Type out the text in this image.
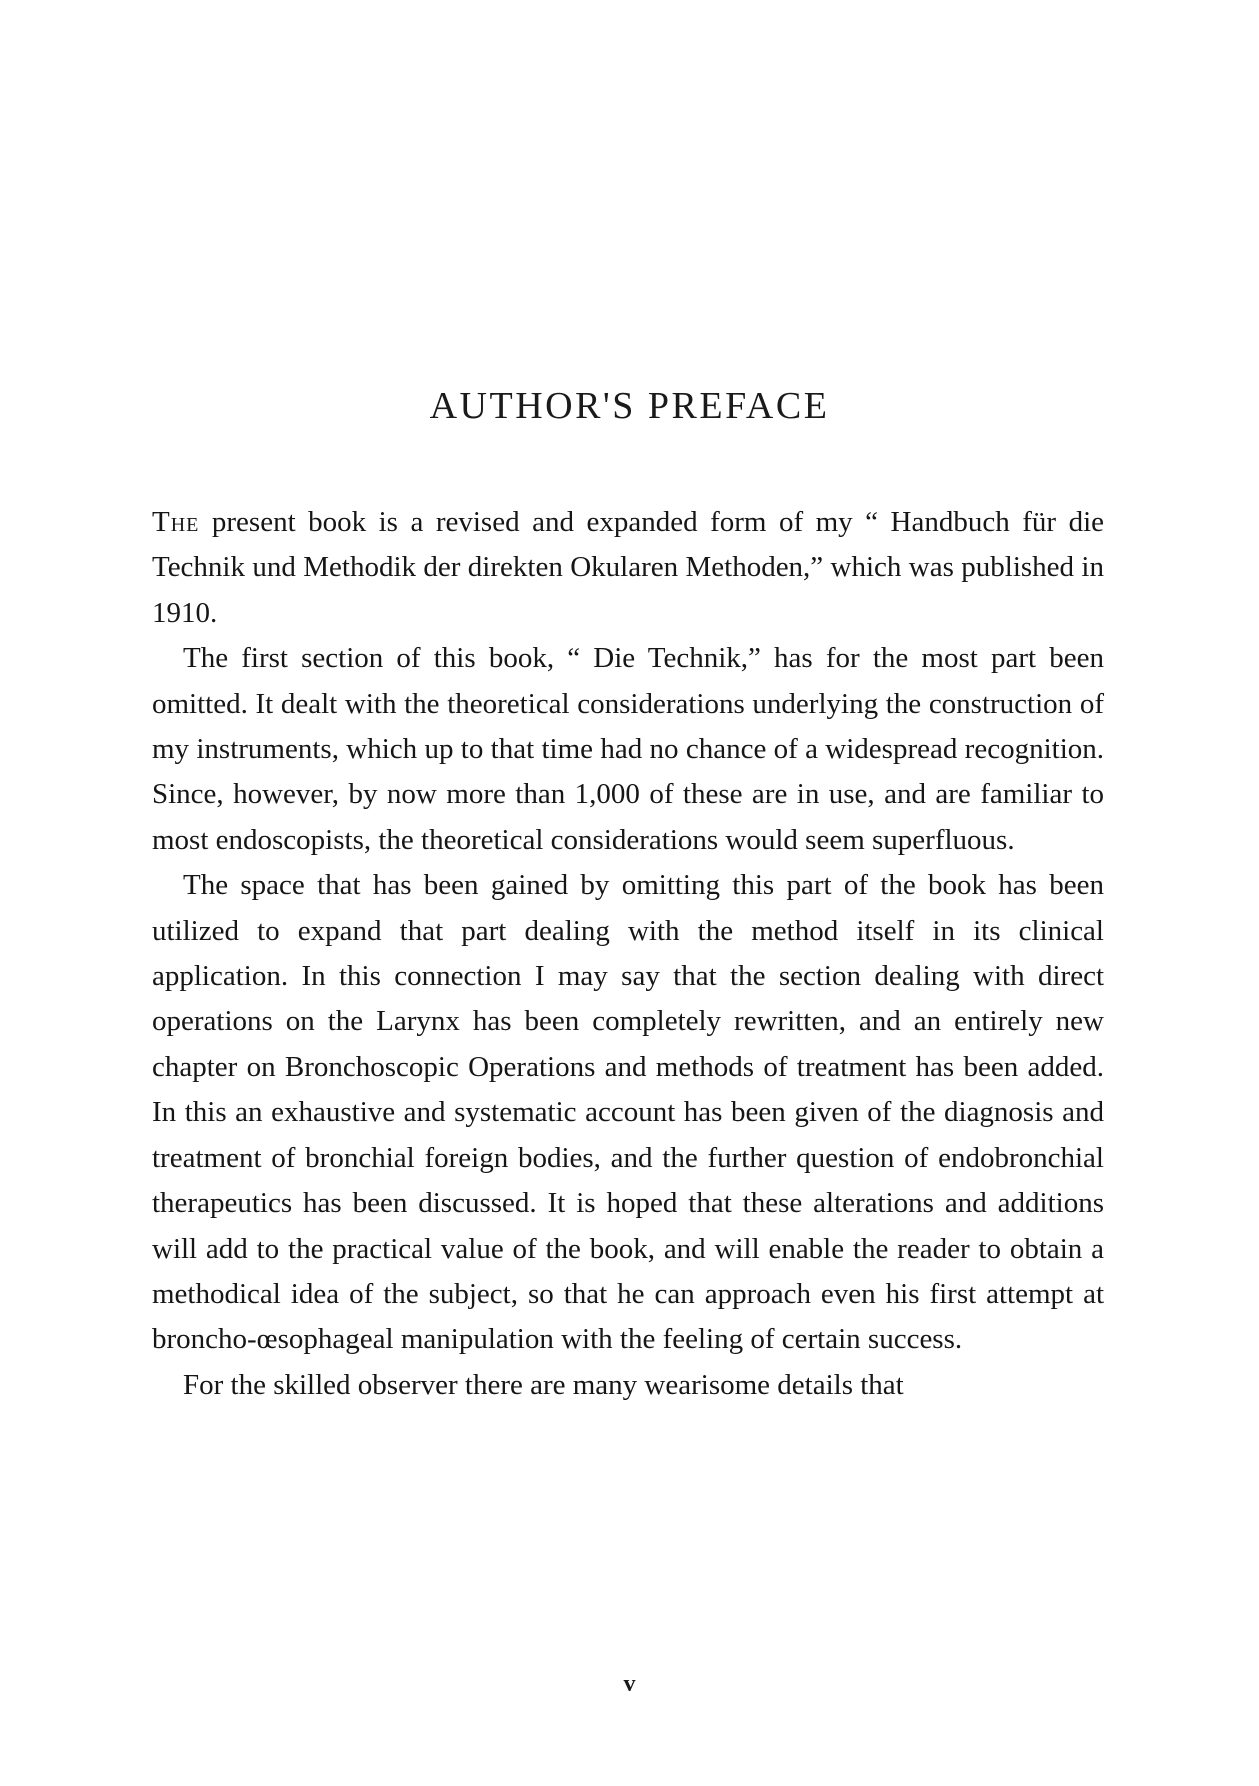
AUTHOR'S PREFACE

The present book is a revised and expanded form of my “ Handbuch für die Technik und Methodik der direkten Okularen Methoden,” which was published in 1910.

The first section of this book, “ Die Technik,” has for the most part been omitted. It dealt with the theoretical considerations underlying the construction of my instruments, which up to that time had no chance of a widespread recognition. Since, however, by now more than 1,000 of these are in use, and are familiar to most endoscopists, the theoretical considerations would seem superfluous.

The space that has been gained by omitting this part of the book has been utilized to expand that part dealing with the method itself in its clinical application. In this connection I may say that the section dealing with direct operations on the Larynx has been completely rewritten, and an entirely new chapter on Bronchoscopic Operations and methods of treatment has been added. In this an exhaustive and systematic account has been given of the diagnosis and treatment of bronchial foreign bodies, and the further question of endobronchial therapeutics has been discussed. It is hoped that these alterations and additions will add to the practical value of the book, and will enable the reader to obtain a methodical idea of the subject, so that he can approach even his first attempt at broncho-œsophageal manipulation with the feeling of certain success.

For the skilled observer there are many wearisome details that

v
